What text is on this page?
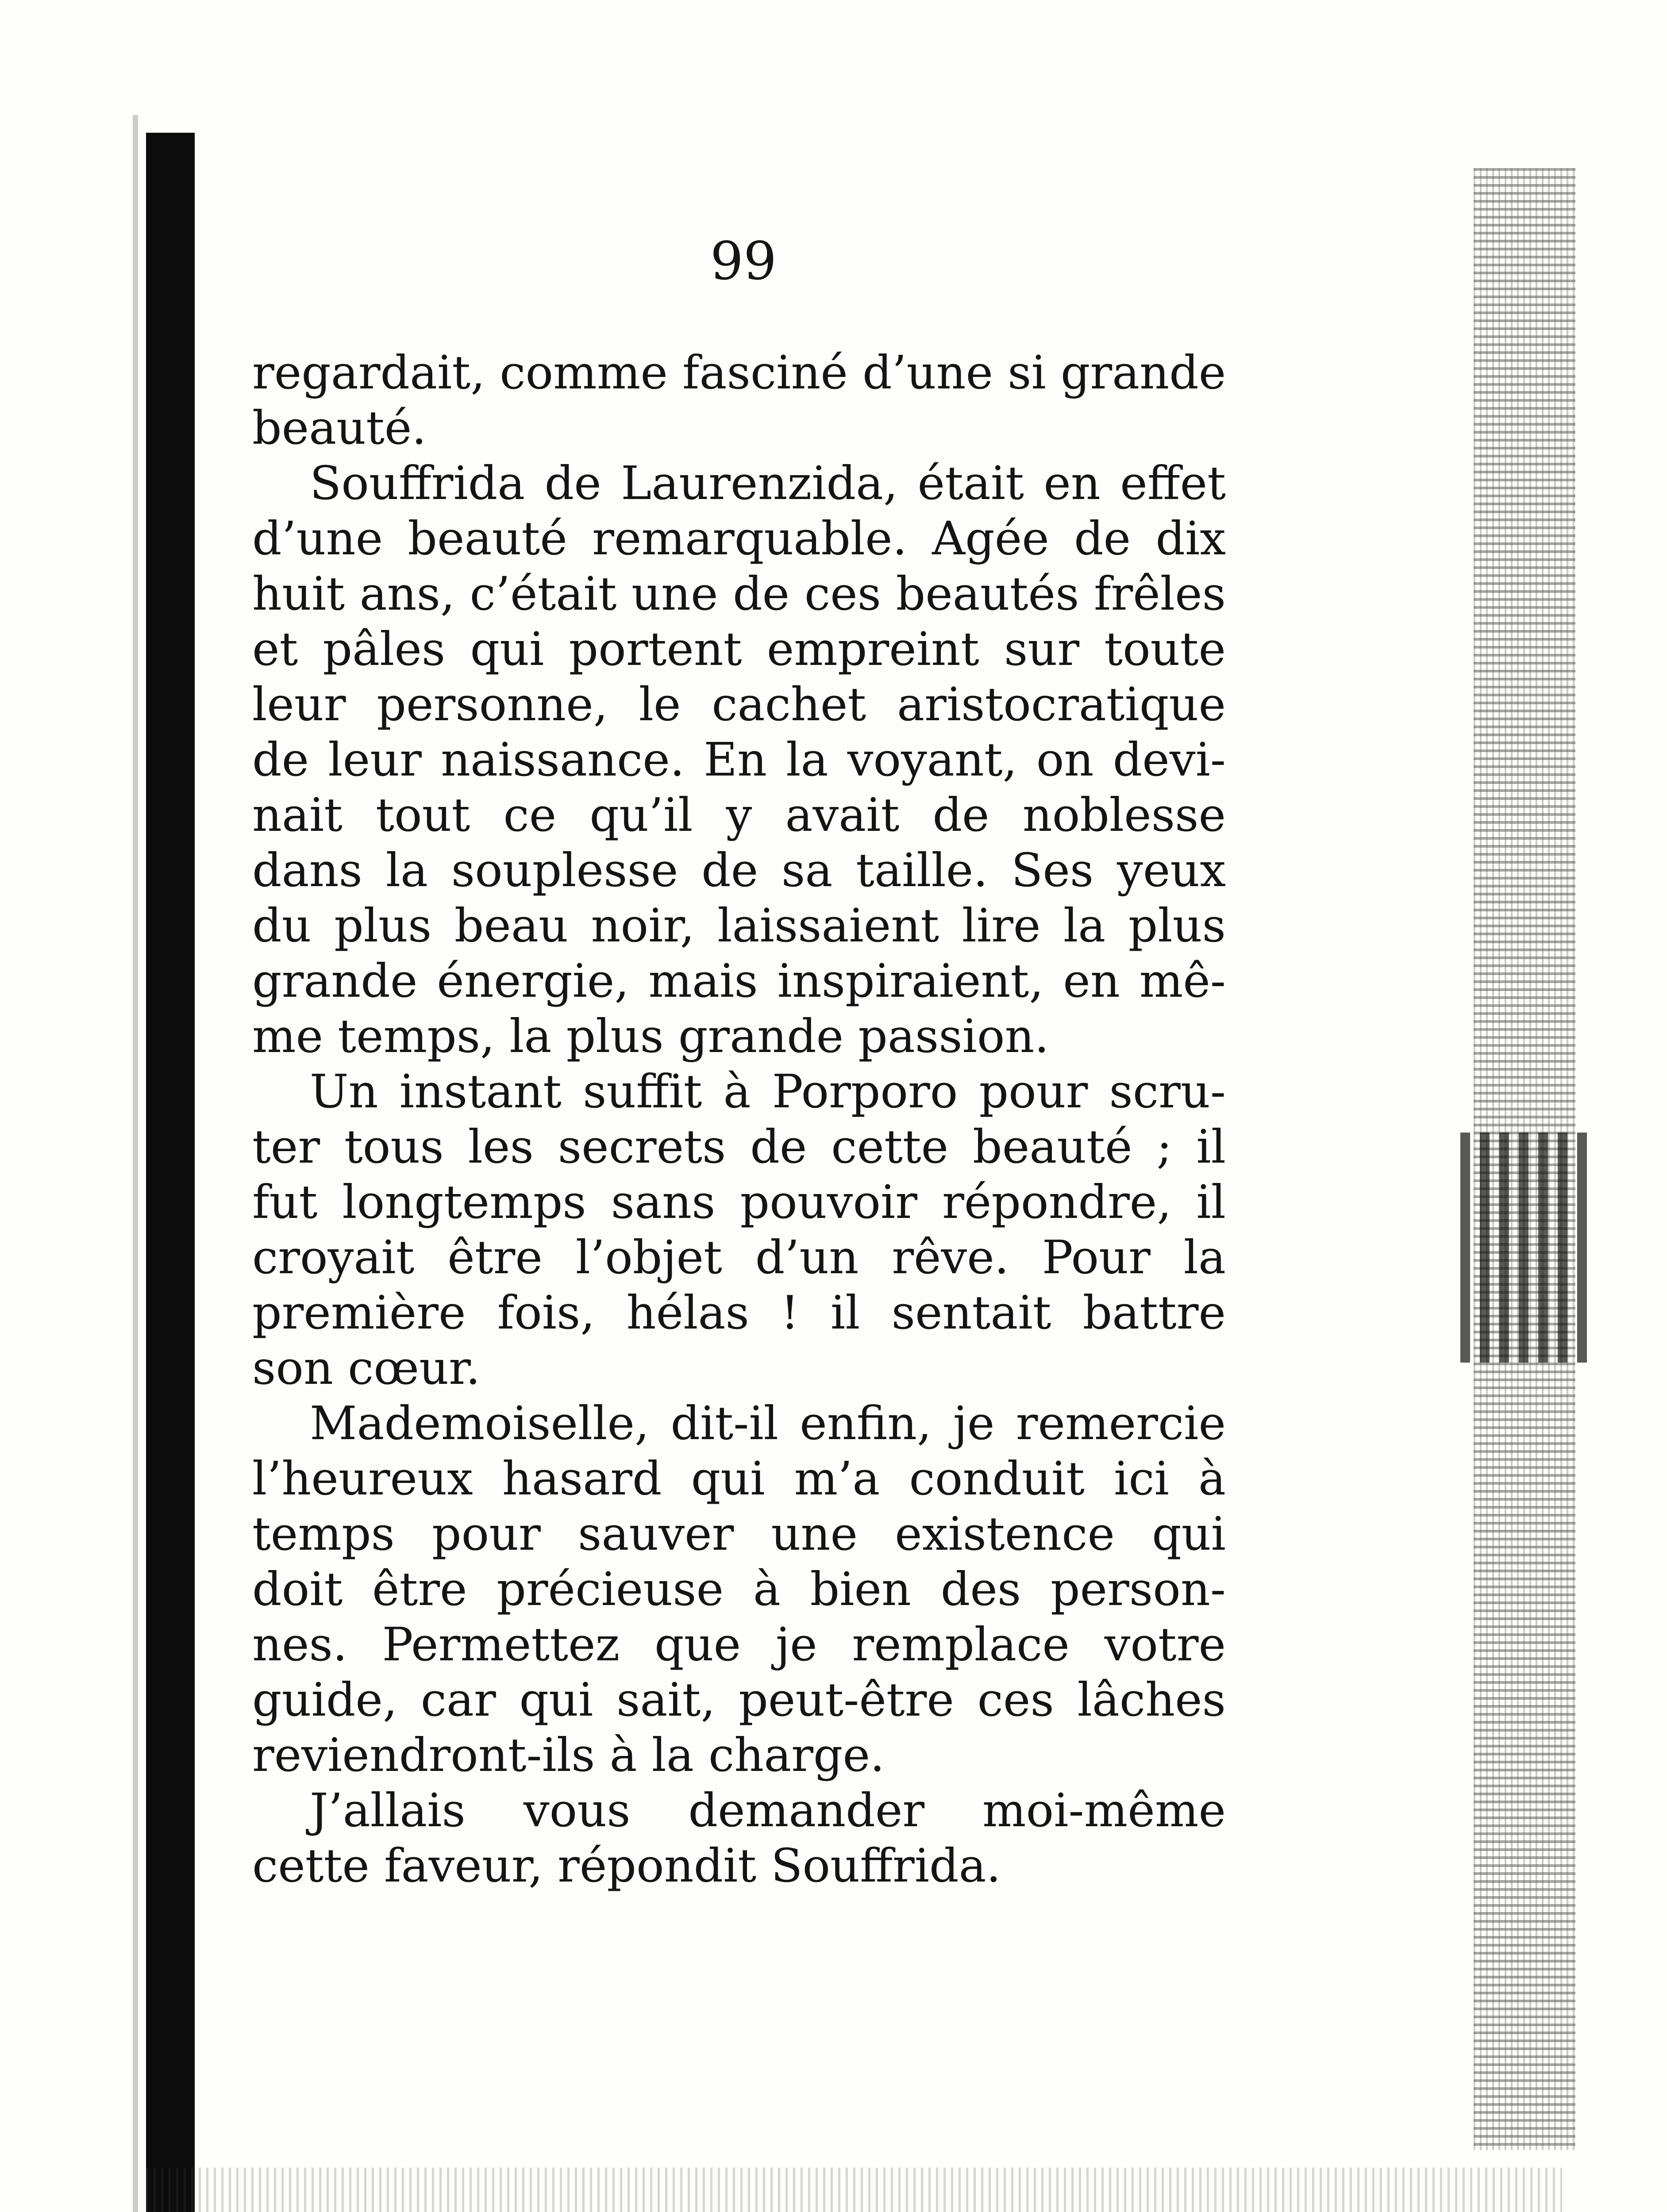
99
regardait, comme fasciné d’une si grande
beauté.
Souffrida de Laurenzida, était en effet
d’une beauté remarquable. Agée de dix
huit ans, c’était une de ces beautés frêles
et pâles qui portent empreint sur toute
leur personne, le cachet aristocratique
de leur naissance. En la voyant, on devi-
nait tout ce qu’il y avait de noblesse
dans la souplesse de sa taille. Ses yeux
du plus beau noir, laissaient lire la plus
grande énergie, mais inspiraient, en mê-
me temps, la plus grande passion.
Un instant suffit à Porporo pour scru-
ter tous les secrets de cette beauté ; il
fut longtemps sans pouvoir répondre, il
croyait être l’objet d’un rêve. Pour la
première fois, hélas ! il sentait battre
son cœur.
Mademoiselle, dit-il enfin, je remercie
l’heureux hasard qui m’a conduit ici à
temps pour sauver une existence qui
doit être précieuse à bien des person-
nes. Permettez que je remplace votre
guide, car qui sait, peut-être ces lâches
reviendront-ils à la charge.
J’allais vous demander moi-même
cette faveur, répondit Souffrida.
